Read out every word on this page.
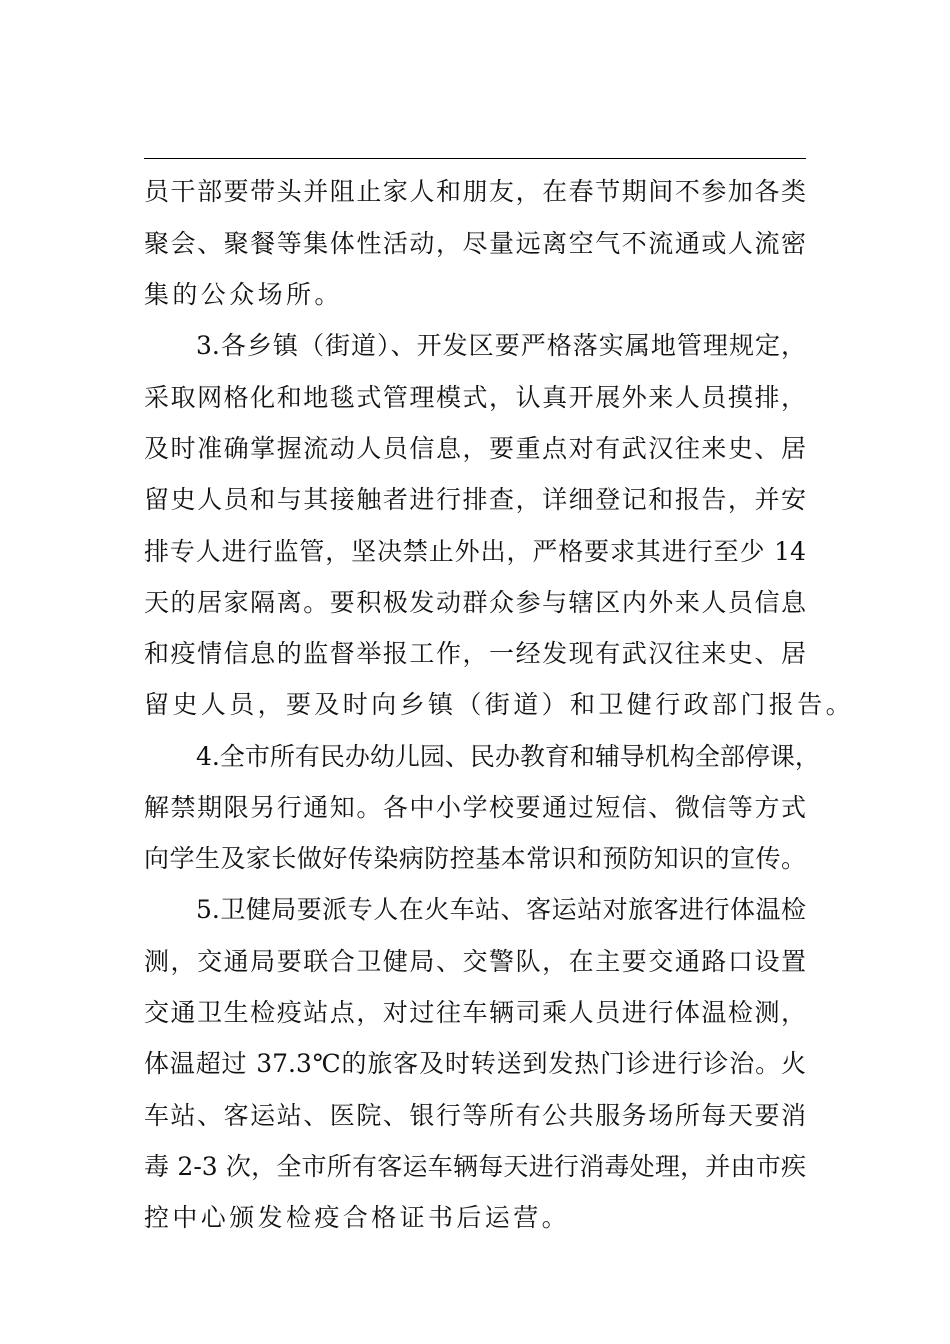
员干部要带头并阻止家人和朋友，在春节期间不参加各类
聚会、聚餐等集体性活动，尽量远离空气不流通或人流密
集的公众场所。
3.各乡镇（街道）、开发区要严格落实属地管理规定，
采取网格化和地毯式管理模式，认真开展外来人员摸排，
及时准确掌握流动人员信息，要重点对有武汉往来史、居
留史人员和与其接触者进行排查，详细登记和报告，并安
排专人进行监管，坚决禁止外出，严格要求其进行至少 14
天的居家隔离。要积极发动群众参与辖区内外来人员信息
和疫情信息的监督举报工作，一经发现有武汉往来史、居
留史人员，要及时向乡镇（街道）和卫健行政部门报告。
4.全市所有民办幼儿园、民办教育和辅导机构全部停课，
解禁期限另行通知。各中小学校要通过短信、微信等方式
向学生及家长做好传染病防控基本常识和预防知识的宣传。
5.卫健局要派专人在火车站、客运站对旅客进行体温检
测，交通局要联合卫健局、交警队，在主要交通路口设置
交通卫生检疫站点，对过往车辆司乘人员进行体温检测，
体温超过 37.3℃的旅客及时转送到发热门诊进行诊治。火
车站、客运站、医院、银行等所有公共服务场所每天要消
毒 2-3 次，全市所有客运车辆每天进行消毒处理，并由市疾
控中心颁发检疫合格证书后运营。
